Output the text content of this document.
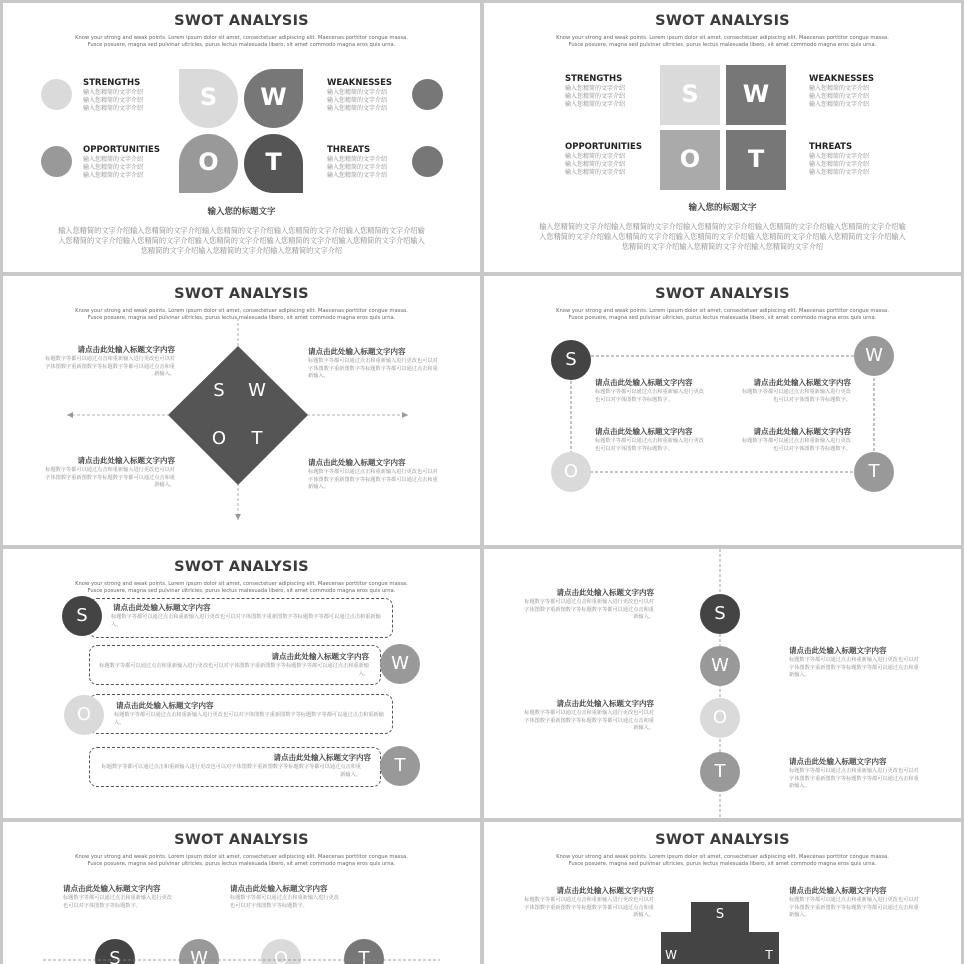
SWOT ANALYSIS
Know your strong and weak points. Lorem ipsum dolor sit amet, consectetuer adipiscing elit. Maecenas porttitor congue massa. Fusce posuere, magna sed pulvinar ultricies, purus lectus malesuada libero, sit amet commodo magna eros quis urna.
STRENGTHS
输入您精简的文字介绍
输入您精简的文字介绍
输入您精简的文字介绍
OPPORTUNITIES
输入您精简的文字介绍
输入您精简的文字介绍
输入您精简的文字介绍
WEAKNESSES
输入您精简的文字介绍
输入您精简的文字介绍
输入您精简的文字介绍
THREATS
输入您精简的文字介绍
输入您精简的文字介绍
输入您精简的文字介绍
S	W
O	T
输入您的标题文字
输入您精简的文字介绍输入您精简的文字介绍输入您精简的文字介绍输入您精简的文字介绍输入您精简的文字介绍输入您精简的文字介绍输入您精简的文字介绍输入您精简的文字介绍输入您精简的文字介绍输入您精简的文字介绍输入您精简的文字介绍输入您精简的文字介绍输入您精简的文字介绍
SWOT ANALYSIS
Know your strong and weak points. Lorem ipsum dolor sit amet, consectetuer adipiscing elit. Maecenas porttitor congue massa. Fusce posuere, magna sed pulvinar ultricies, purus lectus malesuada libero, sit amet commodo magna eros quis urna.
STRENGTHS
输入您精简的文字介绍
输入您精简的文字介绍
输入您精简的文字介绍
OPPORTUNITIES
输入您精简的文字介绍
输入您精简的文字介绍
输入您精简的文字介绍
WEAKNESSES
输入您精简的文字介绍
输入您精简的文字介绍
输入您精简的文字介绍
THREATS
输入您精简的文字介绍
输入您精简的文字介绍
输入您精简的文字介绍
S	W
O	T
输入您的标题文字
输入您精简的文字介绍输入您精简的文字介绍输入您精简的文字介绍输入您精简的文字介绍输入您精简的文字介绍输入您精简的文字介绍输入您精简的文字介绍输入您精简的文字介绍输入您精简的文字介绍输入您精简的文字介绍输入您精简的文字介绍输入您精简的文字介绍输入您精简的文字介绍
SWOT ANALYSIS
Know your strong and weak points. Lorem ipsum dolor sit amet, consectetuer adipiscing elit. Maecenas porttitor congue massa. Fusce posuere, magna sed pulvinar ultricies, purus lectus malesuada libero, sit amet commodo magna eros quis urna.
S	W
O	T
请点击此处输入标题文字内容
标题数字等都可以通过点击和重新输入进行更改也可以对字体图数字重新图数字等标题数字等都可以通过点击和重新输入。
请点击此处输入标题文字内容
标题数字等都可以通过点击和重新输入进行更改也可以对字体图数字重新图数字等标题数字等都可以通过点击和重新输入。
请点击此处输入标题文字内容
标题数字等都可以通过点击和重新输入进行更改也可以对字体图数字重新图数字等标题数字等都可以通过点击和重新输入。
请点击此处输入标题文字内容
标题数字等都可以通过点击和重新输入进行更改也可以对字体图数字重新图数字等标题数字等都可以通过点击和重新输入。
SWOT ANALYSIS
Know your strong and weak points. Lorem ipsum dolor sit amet, consectetuer adipiscing elit. Maecenas porttitor congue massa. Fusce posuere, magna sed pulvinar ultricies, purus lectus malesuada libero, sit amet commodo magna eros quis urna.
S	W
O	T
请点击此处输入标题文字内容
标题数字等都可以通过点击和重新输入进行更改也可以对字体图数字等标题数字。
请点击此处输入标题文字内容
标题数字等都可以通过点击和重新输入进行更改也可以对字体图数字等标题数字。
请点击此处输入标题文字内容
标题数字等都可以通过点击和重新输入进行更改也可以对字体图数字等标题数字。
请点击此处输入标题文字内容
标题数字等都可以通过点击和重新输入进行更改也可以对字体图数字等标题数字。
SWOT ANALYSIS
Know your strong and weak points. Lorem ipsum dolor sit amet, consectetuer adipiscing elit. Maecenas porttitor congue massa. Fusce posuere, magna sed pulvinar ultricies, purus lectus malesuada libero, sit amet commodo magna eros quis urna.
S
W
O
T
请点击此处输入标题文字内容
标题数字等都可以通过点击和重新输入进行更改也可以对字体图数字重新图数字等标题数字等都可以通过点击和重新输入。
请点击此处输入标题文字内容
标题数字等都可以通过点击和重新输入进行更改也可以对字体图数字重新图数字等标题数字等都可以通过点击和重新输入。
请点击此处输入标题文字内容
标题数字等都可以通过点击和重新输入进行更改也可以对字体图数字重新图数字等标题数字等都可以通过点击和重新输入。
请点击此处输入标题文字内容
标题数字等都可以通过点击和重新输入进行更改也可以对字体图数字重新图数字等标题数字等都可以通过点击和重新输入。
S
W
O
T
请点击此处输入标题文字内容
标题数字等都可以通过点击和重新输入进行更改也可以对字体图数字重新图数字等标题数字等都可以通过点击和重新输入。
请点击此处输入标题文字内容
标题数字等都可以通过点击和重新输入进行更改也可以对字体图数字重新图数字等标题数字等都可以通过点击和重新输入。
请点击此处输入标题文字内容
标题数字等都可以通过点击和重新输入进行更改也可以对字体图数字重新图数字等标题数字等都可以通过点击和重新输入。
请点击此处输入标题文字内容
标题数字等都可以通过点击和重新输入进行更改也可以对字体图数字重新图数字等标题数字等都可以通过点击和重新输入。
SWOT ANALYSIS
Know your strong and weak points. Lorem ipsum dolor sit amet, consectetuer adipiscing elit. Maecenas porttitor congue massa. Fusce posuere, magna sed pulvinar ultricies, purus lectus malesuada libero, sit amet commodo magna eros quis urna.
请点击此处输入标题文字内容
标题数字等都可以通过点击和重新输入进行更改也可以对字体图数字等标题数字。
请点击此处输入标题文字内容
标题数字等都可以通过点击和重新输入进行更改也可以对字体图数字等标题数字。
S	W	O	T
SWOT ANALYSIS
Know your strong and weak points. Lorem ipsum dolor sit amet, consectetuer adipiscing elit. Maecenas porttitor congue massa. Fusce posuere, magna sed pulvinar ultricies, purus lectus malesuada libero, sit amet commodo magna eros quis urna.
请点击此处输入标题文字内容
标题数字等都可以通过点击和重新输入进行更改也可以对字体图数字重新图数字等标题数字等都可以通过点击和重新输入。
请点击此处输入标题文字内容
标题数字等都可以通过点击和重新输入进行更改也可以对字体图数字重新图数字等标题数字等都可以通过点击和重新输入。
S
W	T
